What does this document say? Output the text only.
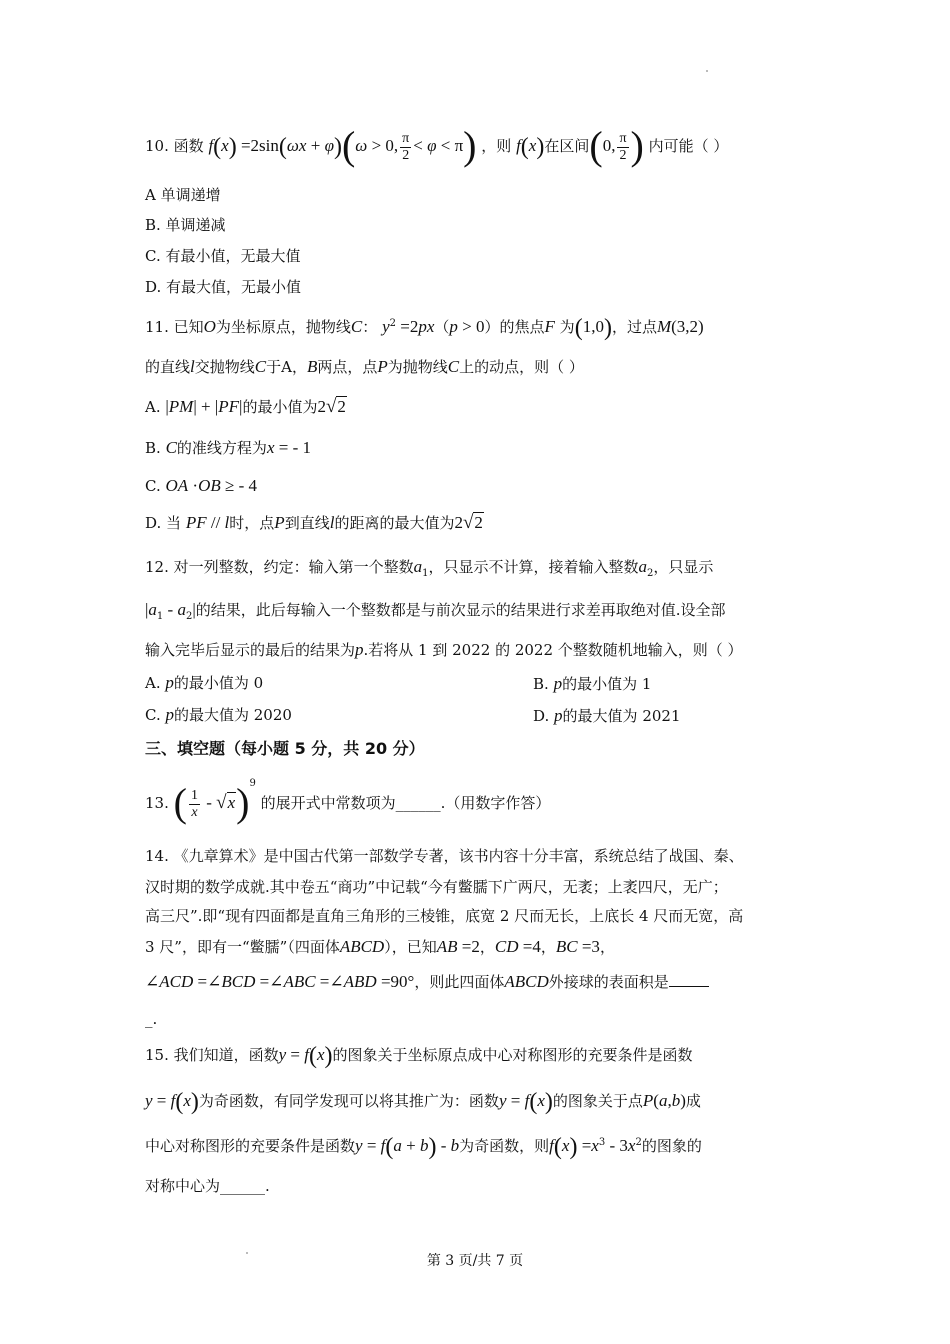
10. 函数 f(x) =2sin(ωx + φ)(ω > 0, $\frac{\pi}{2} < \varphi < \pi$) ，则 f(x)在区间(0, $\frac{\pi}{2}$ ) 内可能（ ）
A 单调递增
B. 单调递减
C. 有最小值，无最大值
D. 有最大值，无最小值
11. 已知O为坐标原点，抛物线C： $y^2 =2px(p > 0)$的焦点F 为(1,0)，过点M(3,2)
的直线l交抛物线C于A，B两点，点P为抛物线C上的动点，则（ ）
A. |PM| + |PF|的最小值为2√2
B. C的准线方程为x = - 1
C. OA ·OB ≥ - 4
D. 当 PF // l时，点P到直线l的距离的最大值为2√2
12. 对一列整数，约定：输入第一个整数$a_1$，只显示不计算，接着输入整数$a_2$，只显示
$|a_1 - a_2|$的结果，此后每输入一个整数都是与前次显示的结果进行求差再取绝对值.设全部
输入完毕后显示的最后的结果为p.若将从 1 到 2022 的 2022 个整数随机地输入，则（ ）
A. p的最小值为 0	B. p的最小值为 1
C. p的最大值为 2020	D. p的最大值为 2021
三、填空题（每小题 5 分，共 20 分）
13. ( $\frac{1}{x} - √x)^9$ 的展开式中常数项为______.（用数字作答）
14. 《九章算术》是中国古代第一部数学专著，该书内容十分丰富，系统总结了战国、秦、
汉时期的数学成就.其中卷五“商功”中记载“今有鳖臑下广两尺，无袤；上袤四尺，无广；
高三尺”.即“现有四面都是直角三角形的三棱锥，底宽 2 尺而无长，上底长 4 尺而无宽，高
3 尺”，即有一“鳖臑”（四面体ABCD），已知AB =2，CD =4，BC =3，
∠ACD =∠BCD =∠ABC =∠ABD =90°，则此四面体ABCD外接球的表面积是
_.
15. 我们知道，函数y = f(x)的图象关于坐标原点成中心对称图形的充要条件是函数
y = f(x)为奇函数，有同学发现可以将其推广为：函数y = f(x)的图象关于点P(a,b)成
中心对称图形的充要条件是函数y = f(a + b) - b为奇函数，则$f(x) =x^3 - 3x^2$的图象的
对称中心为______.
第 3 页/共 7 页
